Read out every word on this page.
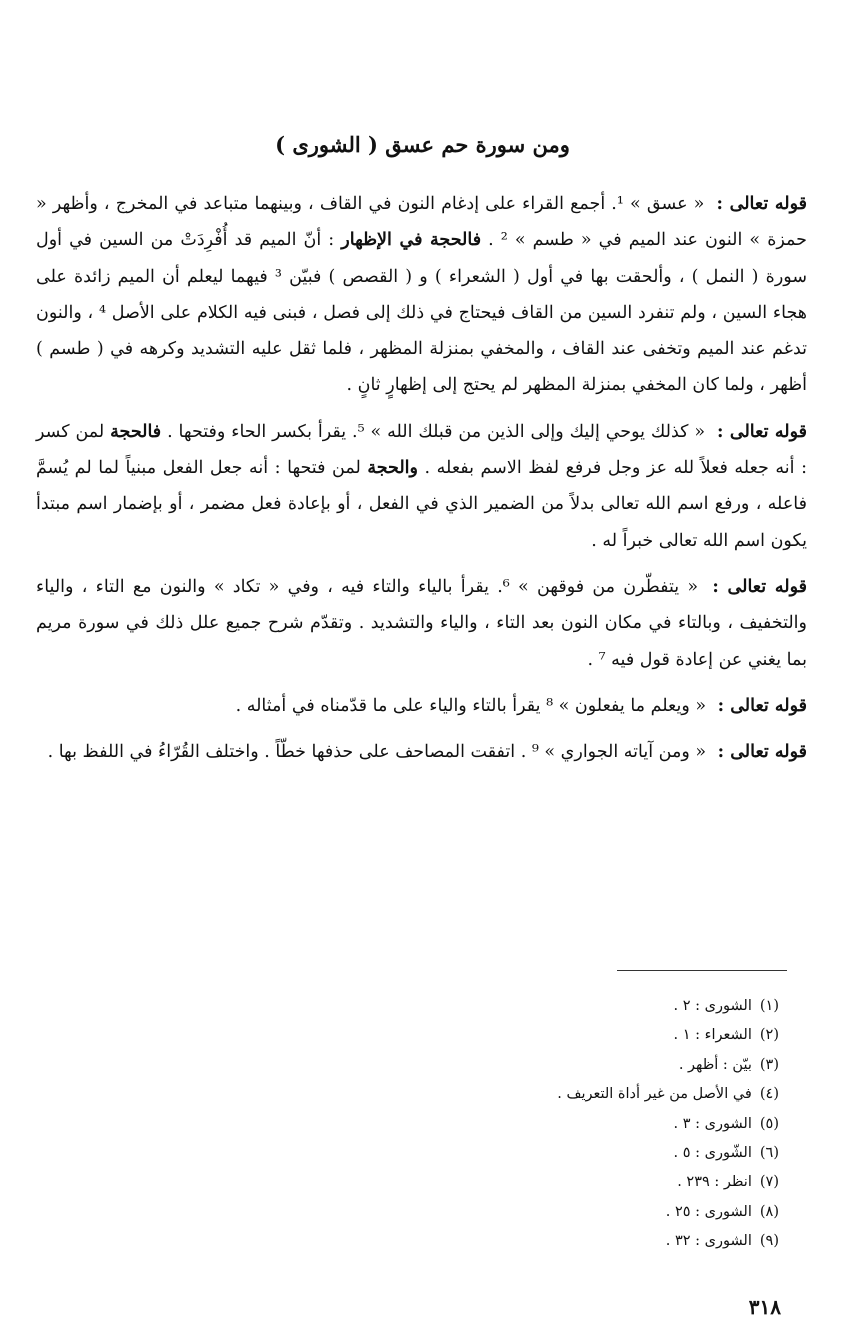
ومن سورة حم عسق ( الشورى )

قوله تعالى : « عسق » ¹. أجمع القراء على إدغام النون في القاف ، وبينهما متباعد في المخرج ، وأظهر « حمزة » النون عند الميم في « طسم » ² . فالحجة في الإظهار : أنّ الميم قد أُفْرِدَتْ من السين في أول سورة ( النمل ) ، وألحقت بها في أول ( الشعراء ) و ( القصص ) فبيّن ³ فيهما ليعلم أن الميم زائدة على هجاء السين ، ولم تنفرد السين من القاف فيحتاج في ذلك إلى فصل ، فبنى فيه الكلام على الأصل ⁴ ، والنون تدغم عند الميم وتخفى عند القاف ، والمخفي بمنزلة المظهر ، فلما ثقل عليه التشديد وكرهه في ( طسم ) أظهر ، ولما كان المخفي بمنزلة المظهر لم يحتج إلى إظهارٍ ثانٍ .

قوله تعالى : « كذلك يوحي إليك وإلى الذين من قبلك الله » ⁵. يقرأ بكسر الحاء وفتحها . فالحجة لمن كسر : أنه جعله فعلاً لله عز وجل فرفع لفظ الاسم بفعله . والحجة لمن فتحها : أنه جعل الفعل مبنياً لما لم يُسمَّ فاعله ، ورفع اسم الله تعالى بدلاً من الضمير الذي في الفعل ، أو بإعادة فعل مضمر ، أو بإضمار اسم مبتدأ يكون اسم الله تعالى خبراً له .

قوله تعالى : « يتفطّرن من فوقهن » ⁶. يقرأ بالياء والتاء فيه ، وفي « تكاد » والنون مع التاء ، والياء والتخفيف ، وبالتاء في مكان النون بعد التاء ، والياء والتشديد . وتقدّم شرح جميع علل ذلك في سورة مريم بما يغني عن إعادة قول فيه ⁷ .

قوله تعالى : « ويعلم ما يفعلون » ⁸ يقرأ بالتاء والياء على ما قدّمناه في أمثاله .

قوله تعالى : « ومن آياته الجواري » ⁹ . اتفقت المصاحف على حذفها خطّاً . واختلف القُرّاءُ في اللفظ بها .

(١)الشورى : ٢ .
(٢)الشعراء : ١ .
(٣)بيّن : أظهر .
(٤)في الأصل من غير أداة التعريف .
(٥)الشورى : ٣ .
(٦)الشّورى : ٥ .
(٧)انظر : ٢٣٩ .
(٨)الشورى : ٢٥ .
(٩)الشورى : ٣٢ .

٣١٨
